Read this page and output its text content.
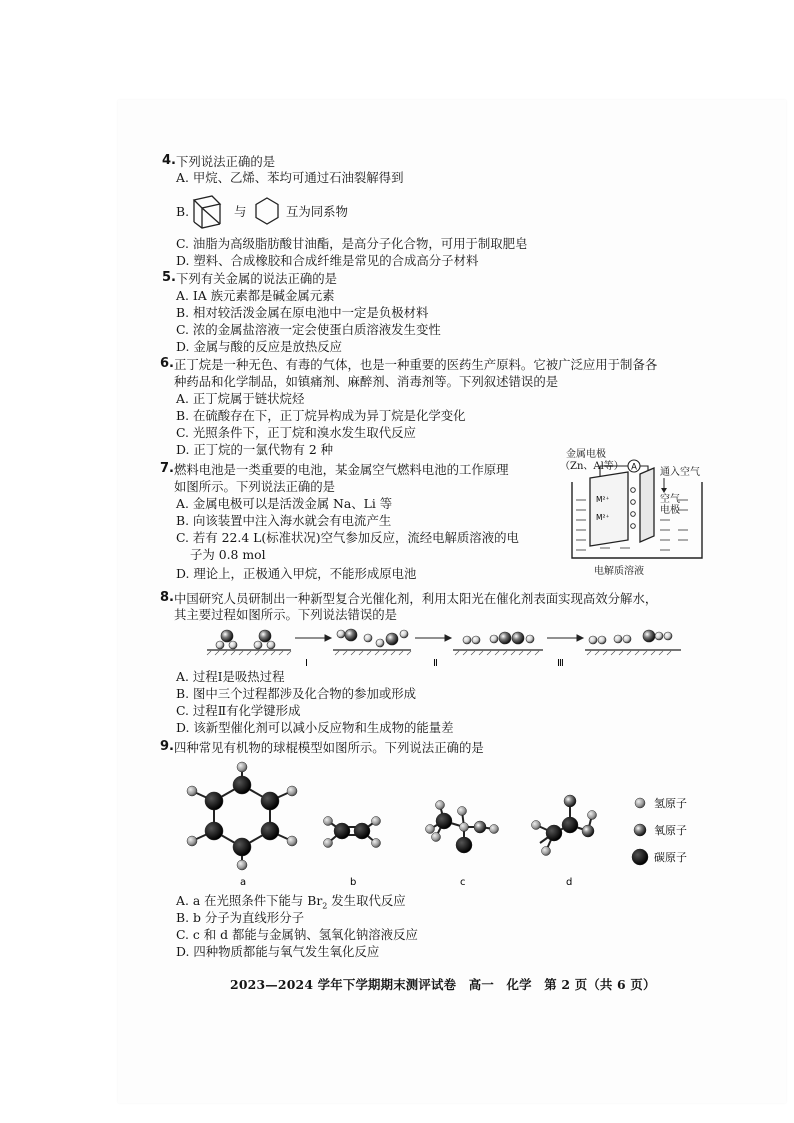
4. 下列说法正确的是
A. 甲烷、乙烯、苯均可通过石油裂解得到
B.	与	互为同系物
C. 油脂为高级脂肪酸甘油酯，是高分子化合物，可用于制取肥皂
D. 塑料、合成橡胶和合成纤维是常见的合成高分子材料
5. 下列有关金属的说法正确的是
A. ⅠA 族元素都是碱金属元素
B. 相对较活泼金属在原电池中一定是负极材料
C. 浓的金属盐溶液一定会使蛋白质溶液发生变性
D. 金属与酸的反应是放热反应
6. 正丁烷是一种无色、有毒的气体，也是一种重要的医药生产原料。它被广泛应用于制备各
种药品和化学制品，如镇痛剂、麻醉剂、消毒剂等。下列叙述错误的是
A. 正丁烷属于链状烷烃
B. 在硫酸存在下，正丁烷异构成为异丁烷是化学变化
C. 光照条件下，正丁烷和溴水发生取代反应
D. 正丁烷的一氯代物有 2 种
7. 燃料电池是一类重要的电池，某金属空气燃料电池的工作原理
如图所示。下列说法正确的是
A. 金属电极可以是活泼金属 Na、Li 等
B. 向该装置中注入海水就会有电流产生
C. 若有 22.4 L(标准状况)空气参加反应，流经电解质溶液的电
子为 0.8 mol
D. 理论上，正极通入甲烷，不能形成原电池
A
M²⁺
M²⁺
金属电极
（Zn、Al等）
通入空气
空气电极
电解质溶液
8. 中国研究人员研制出一种新型复合光催化剂，利用太阳光在催化剂表面实现高效分解水，
其主要过程如图所示。下列说法错误的是
Ⅰ	Ⅱ	Ⅲ
A. 过程Ⅰ是吸热过程
B. 图中三个过程都涉及化合物的参加或形成
C. 过程Ⅱ有化学键形成
D. 该新型催化剂可以减小反应物和生成物的能量差
9. 四种常见有机物的球棍模型如图所示。下列说法正确的是
氢原子
氧原子
碳原子
a	b	c	d
A. a 在光照条件下能与 $Br_2$ 发生取代反应
B. b 分子为直线形分子
C. c 和 d 都能与金属钠、氢氧化钠溶液反应
D. 四种物质都能与氧气发生氧化反应
2023—2024 学年下学期期末测评试卷　高一　化学　第 2 页（共 6 页）
